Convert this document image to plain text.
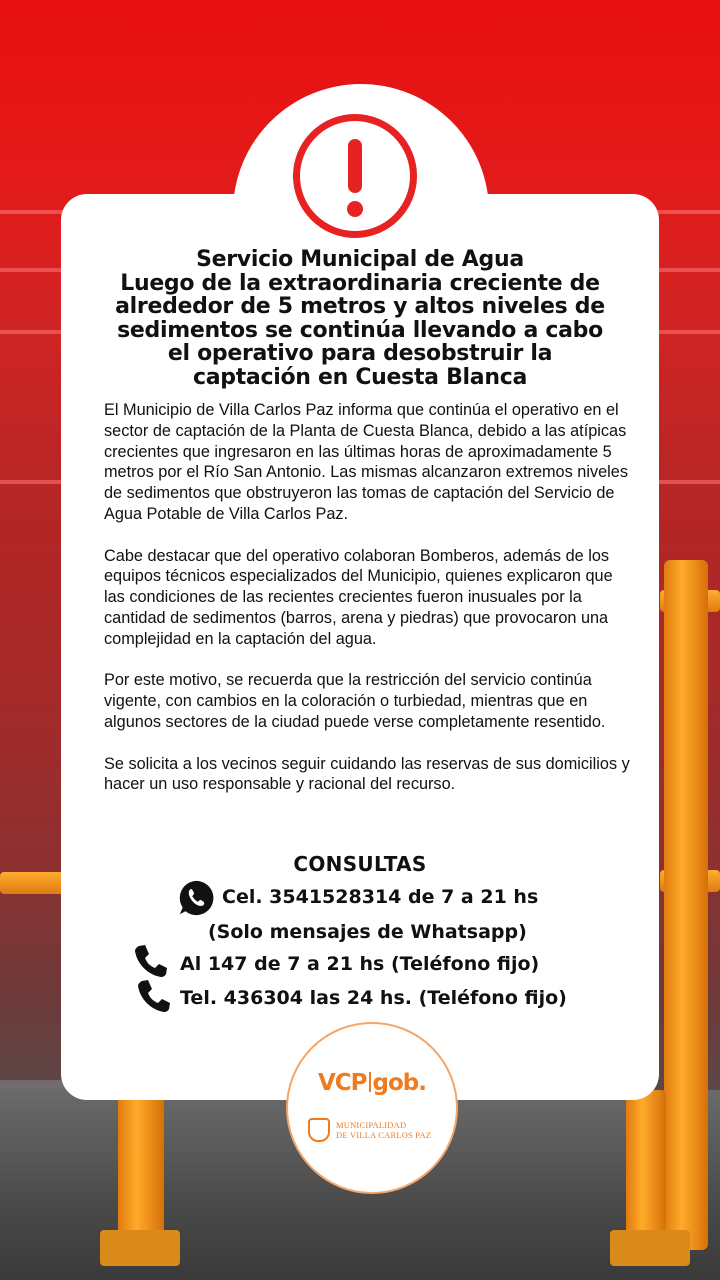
Servicio Municipal de Agua
Luego de la extraordinaria creciente de
alrededor de 5 metros y altos niveles de
sedimentos se continúa llevando a cabo
el operativo para desobstruir la
captación en Cuesta Blanca

El Municipio de Villa Carlos Paz informa que continúa el operativo en el sector de captación de la Planta de Cuesta Blanca, debido a las atípicas crecientes que ingresaron en las últimas horas de aproximadamente 5 metros por el Río San Antonio. Las mismas alcanzaron extremos niveles de sedimentos que obstruyeron las tomas de captación del Servicio de Agua Potable de Villa Carlos Paz.

Cabe destacar que del operativo colaboran Bomberos, además de los equipos técnicos especializados del Municipio, quienes explicaron que las condiciones de las recientes crecientes fueron inusuales por la cantidad de sedimentos (barros, arena y piedras) que provocaron una complejidad en la captación del agua.

Por este motivo, se recuerda que la restricción del servicio continúa vigente, con cambios en la coloración o turbiedad, mientras que en algunos sectores de la ciudad puede verse completamente resentido.

Se solicita a los vecinos seguir cuidando las reservas de sus domicilios y hacer un uso responsable y racional del recurso.

CONSULTAS
Cel. 3541528314 de 7 a 21 hs
(Solo mensajes de Whatsapp)
Al 147 de 7 a 21 hs (Teléfono fijo)
Tel. 436304 las 24 hs. (Teléfono fijo)
VCP gob.
MUNICIPALIDAD
DE VILLA CARLOS PAZ
